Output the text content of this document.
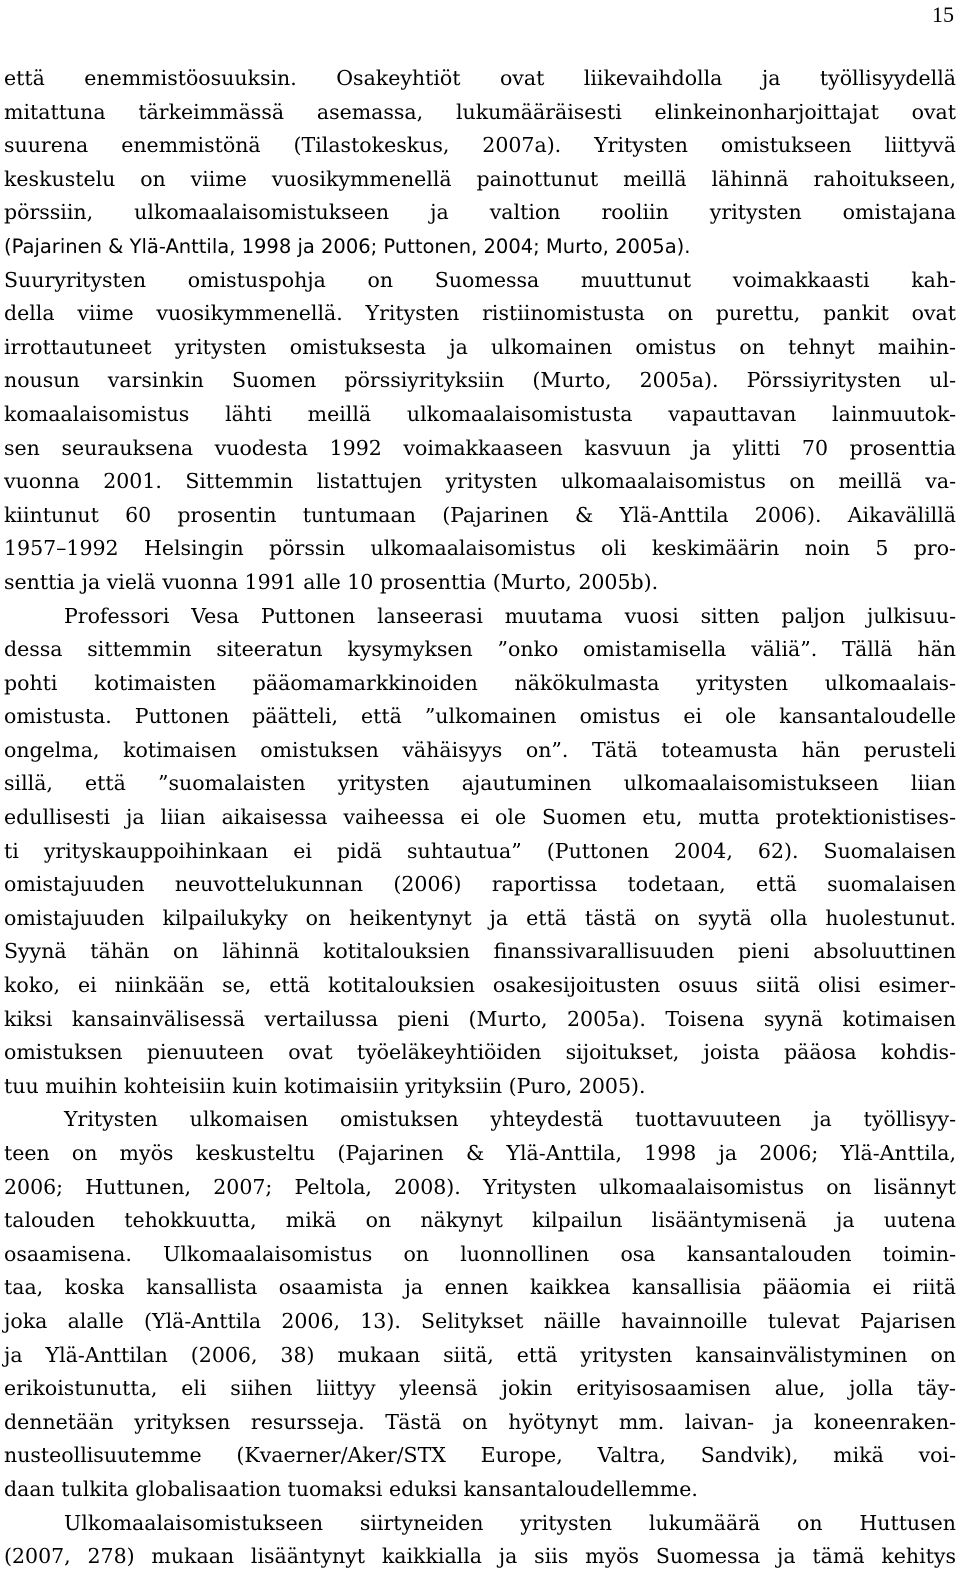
15
että enemmistöosuuksin. Osakeyhtiöt ovat liikevaihdolla ja työllisyydellä
mitattuna tärkeimmässä asemassa, lukumääräisesti elinkeinonharjoittajat ovat
suurena enemmistönä (Tilastokeskus, 2007a). Yritysten omistukseen liittyvä
keskustelu on viime vuosikymmenellä painottunut meillä lähinnä rahoitukseen,
pörssiin, ulkomaalaisomistukseen ja valtion rooliin yritysten omistajana
(Pajarinen & Ylä-Anttila, 1998 ja 2006; Puttonen, 2004; Murto, 2005a).
Suuryritysten omistuspohja on Suomessa muuttunut voimakkaasti kah-
della viime vuosikymmenellä. Yritysten ristiinomistusta on purettu, pankit ovat
irrottautuneet yritysten omistuksesta ja ulkomainen omistus on tehnyt maihin-
nousun varsinkin Suomen pörssiyrityksiin (Murto, 2005a). Pörssiyritysten ul-
komaalaisomistus lähti meillä ulkomaalaisomistusta vapauttavan lainmuutok-
sen seurauksena vuodesta 1992 voimakkaaseen kasvuun ja ylitti 70 prosenttia
vuonna 2001. Sittemmin listattujen yritysten ulkomaalaisomistus on meillä va-
kiintunut 60 prosentin tuntumaan (Pajarinen & Ylä-Anttila 2006). Aikavälillä
1957–1992 Helsingin pörssin ulkomaalaisomistus oli keskimäärin noin 5 pro-
senttia ja vielä vuonna 1991 alle 10 prosenttia (Murto, 2005b).
Professori Vesa Puttonen lanseerasi muutama vuosi sitten paljon julkisuu-
dessa sittemmin siteeratun kysymyksen ”onko omistamisella väliä”. Tällä hän
pohti kotimaisten pääomamarkkinoiden näkökulmasta yritysten ulkomaalais-
omistusta. Puttonen päätteli, että ”ulkomainen omistus ei ole kansantaloudelle
ongelma, kotimaisen omistuksen vähäisyys on”. Tätä toteamusta hän perusteli
sillä, että ”suomalaisten yritysten ajautuminen ulkomaalaisomistukseen liian
edullisesti ja liian aikaisessa vaiheessa ei ole Suomen etu, mutta protektionistises-
ti yrityskauppoihinkaan ei pidä suhtautua” (Puttonen 2004, 62). Suomalaisen
omistajuuden neuvottelukunnan (2006) raportissa todetaan, että suomalaisen
omistajuuden kilpailukyky on heikentynyt ja että tästä on syytä olla huolestunut.
Syynä tähän on lähinnä kotitalouksien finanssivarallisuuden pieni absoluuttinen
koko, ei niinkään se, että kotitalouksien osakesijoitusten osuus siitä olisi esimer-
kiksi kansainvälisessä vertailussa pieni (Murto, 2005a). Toisena syynä kotimaisen
omistuksen pienuuteen ovat työeläkeyhtiöiden sijoitukset, joista pääosa kohdis-
tuu muihin kohteisiin kuin kotimaisiin yrityksiin (Puro, 2005).
Yritysten ulkomaisen omistuksen yhteydestä tuottavuuteen ja työllisyy-
teen on myös keskusteltu (Pajarinen & Ylä-Anttila, 1998 ja 2006; Ylä-Anttila,
2006; Huttunen, 2007; Peltola, 2008). Yritysten ulkomaalaisomistus on lisännyt
talouden tehokkuutta, mikä on näkynyt kilpailun lisääntymisenä ja uutena
osaamisena. Ulkomaalaisomistus on luonnollinen osa kansantalouden toimin-
taa, koska kansallista osaamista ja ennen kaikkea kansallisia pääomia ei riitä
joka alalle (Ylä-Anttila 2006, 13). Selitykset näille havainnoille tulevat Pajarisen
ja Ylä-Anttilan (2006, 38) mukaan siitä, että yritysten kansainvälistyminen on
erikoistunutta, eli siihen liittyy yleensä jokin erityisosaamisen alue, jolla täy-
dennetään yrityksen resursseja. Tästä on hyötynyt mm. laivan- ja koneenraken-
nusteollisuutemme (Kvaerner/Aker/STX Europe, Valtra, Sandvik), mikä voi-
daan tulkita globalisaation tuomaksi eduksi kansantaloudellemme.
Ulkomaalaisomistukseen siirtyneiden yritysten lukumäärä on Huttusen
(2007, 278) mukaan lisääntynyt kaikkialla ja siis myös Suomessa ja tämä kehitys
